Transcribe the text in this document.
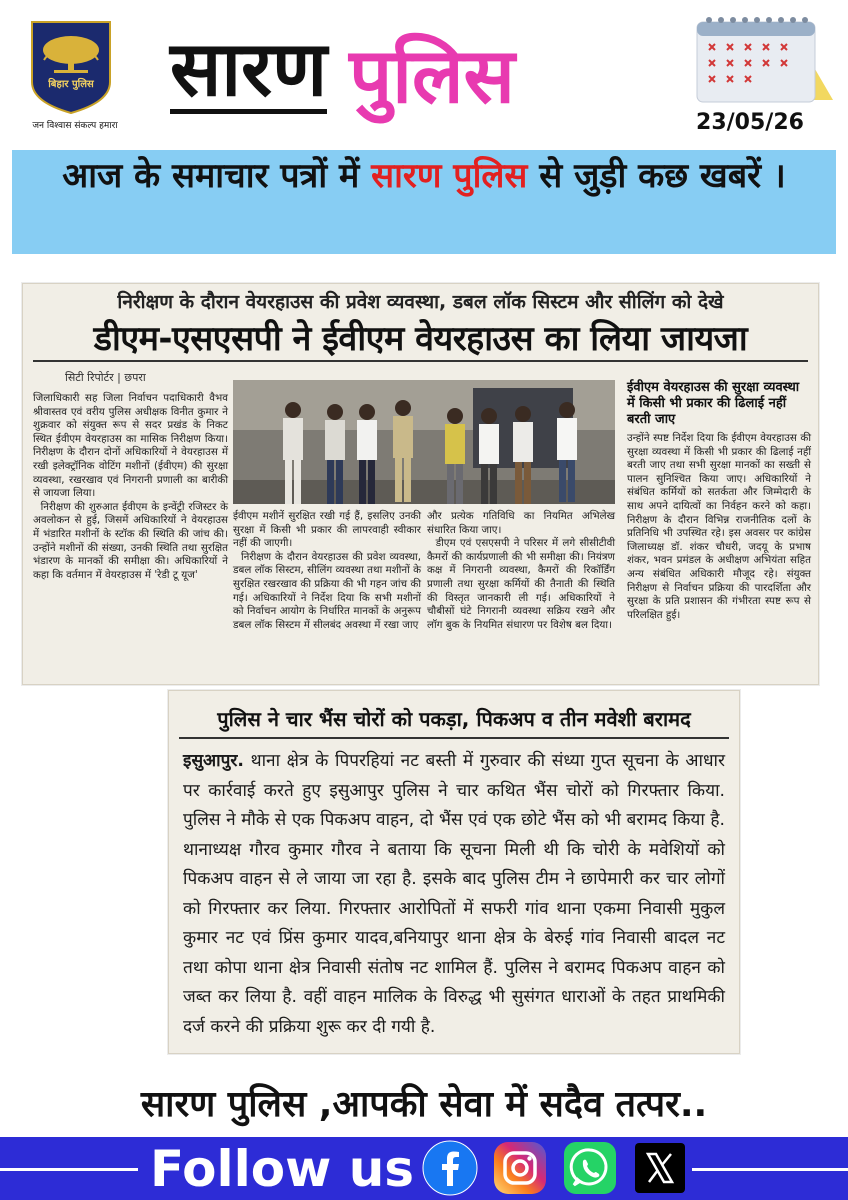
बिहार पुलिस
जन विश्वास संकल्प हमारा
सारण पुलिस
23/05/26
आज के समाचार पत्रों में सारण पुलिस से जुड़ी कछ खबरें ।
निरीक्षण के दौरान वेयरहाउस की प्रवेश व्यवस्था, डबल लॉक सिस्टम और सीलिंग को देखे
डीएम-एसएसपी ने ईवीएम वेयरहाउस का लिया जायजा
सिटी रिपोर्टर | छपरा
जिलाधिकारी सह जिला निर्वाचन पदाधिकारी वैभव श्रीवास्तव एवं वरीय पुलिस अधीक्षक विनीत कुमार ने शुक्रवार को संयुक्त रूप से सदर प्रखंड के निकट स्थित ईवीएम वेयरहाउस का मासिक निरीक्षण किया। निरीक्षण के दौरान दोनों अधिकारियों ने वेयरहाउस में रखी इलेक्ट्रॉनिक वोटिंग मशीनों (ईवीएम) की सुरक्षा व्यवस्था, रखरखाव एवं निगरानी प्रणाली का बारीकी से जायजा लिया।
निरीक्षण की शुरुआत ईवीएम के इन्वेंट्री रजिस्टर के अवलोकन से हुई, जिसमें अधिकारियों ने वेयरहाउस में भंडारित मशीनों के स्टॉक की स्थिति की जांच की। उन्होंने मशीनों की संख्या, उनकी स्थिति तथा सुरक्षित भंडारण के मानकों की समीक्षा की। अधिकारियों ने कहा कि वर्तमान में वेयरहाउस में 'रेडी टू यूज'
ईवीएम मशीनें सुरक्षित रखी गई हैं, इसलिए उनकी सुरक्षा में किसी भी प्रकार की लापरवाही स्वीकार नहीं की जाएगी।
निरीक्षण के दौरान वेयरहाउस की प्रवेश व्यवस्था, डबल लॉक सिस्टम, सीलिंग व्यवस्था तथा मशीनों के सुरक्षित रखरखाव की प्रक्रिया की भी गहन जांच की गई। अधिकारियों ने निर्देश दिया कि सभी मशीनों को निर्वाचन आयोग के निर्धारित मानकों के अनुरूप डबल लॉक सिस्टम में सीलबंद अवस्था में रखा जाए
और प्रत्येक गतिविधि का नियमित अभिलेख संधारित किया जाए।
डीएम एवं एसएसपी ने परिसर में लगे सीसीटीवी कैमरों की कार्यप्रणाली की भी समीक्षा की। नियंत्रण कक्ष में निगरानी व्यवस्था, कैमरों की रिकॉर्डिंग प्रणाली तथा सुरक्षा कर्मियों की तैनाती की स्थिति की विस्तृत जानकारी ली गई। अधिकारियों ने चौबीसों घंटे निगरानी व्यवस्था सक्रिय रखने और लॉग बुक के नियमित संधारण पर विशेष बल दिया।
ईवीएम वेयरहाउस की सुरक्षा व्यवस्था में किसी भी प्रकार की ढिलाई नहीं बरती जाए
उन्होंने स्पष्ट निर्देश दिया कि ईवीएम वेयरहाउस की सुरक्षा व्यवस्था में किसी भी प्रकार की ढिलाई नहीं बरती जाए तथा सभी सुरक्षा मानकों का सख्ती से पालन सुनिश्चित किया जाए। अधिकारियों ने संबंधित कर्मियों को सतर्कता और जिम्मेदारी के साथ अपने दायित्वों का निर्वहन करने को कहा। निरीक्षण के दौरान विभिन्न राजनीतिक दलों के प्रतिनिधि भी उपस्थित रहे। इस अवसर पर कांग्रेस जिलाध्यक्ष डॉ. शंकर चौधरी, जदयू के प्रभाष शंकर, भवन प्रमंडल के अधीक्षण अभियंता सहित अन्य संबंधित अधिकारी मौजूद रहे। संयुक्त निरीक्षण से निर्वाचन प्रक्रिया की पारदर्शिता और सुरक्षा के प्रति प्रशासन की गंभीरता स्पष्ट रूप से परिलक्षित हुई।
पुलिस ने चार भैंस चोरों को पकड़ा, पिकअप व तीन मवेशी बरामद
इसुआपुर. थाना क्षेत्र के पिपरहियां नट बस्ती में गुरुवार की संध्या गुप्त सूचना के आधार पर कार्रवाई करते हुए इसुआपुर पुलिस ने चार कथित भैंस चोरों को गिरफ्तार किया. पुलिस ने मौके से एक पिकअप वाहन, दो भैंस एवं एक छोटे भैंस को भी बरामद किया है. थानाध्यक्ष गौरव कुमार गौरव ने बताया कि सूचना मिली थी कि चोरी के मवेशियों को पिकअप वाहन से ले जाया जा रहा है. इसके बाद पुलिस टीम ने छापेमारी कर चार लोगों को गिरफ्तार कर लिया. गिरफ्तार आरोपितों में सफरी गांव थाना एकमा निवासी मुकुल कुमार नट एवं प्रिंस कुमार यादव,बनियापुर थाना क्षेत्र के बेरुई गांव निवासी बादल नट तथा कोपा थाना क्षेत्र निवासी संतोष नट शामिल हैं. पुलिस ने बरामद पिकअप वाहन को जब्त कर लिया है. वहीं वाहन मालिक के विरुद्ध भी सुसंगत धाराओं के तहत प्राथमिकी दर्ज करने की प्रक्रिया शुरू कर दी गयी है.
सारण पुलिस ,आपकी सेवा में सदैव तत्पर..
Follow us
